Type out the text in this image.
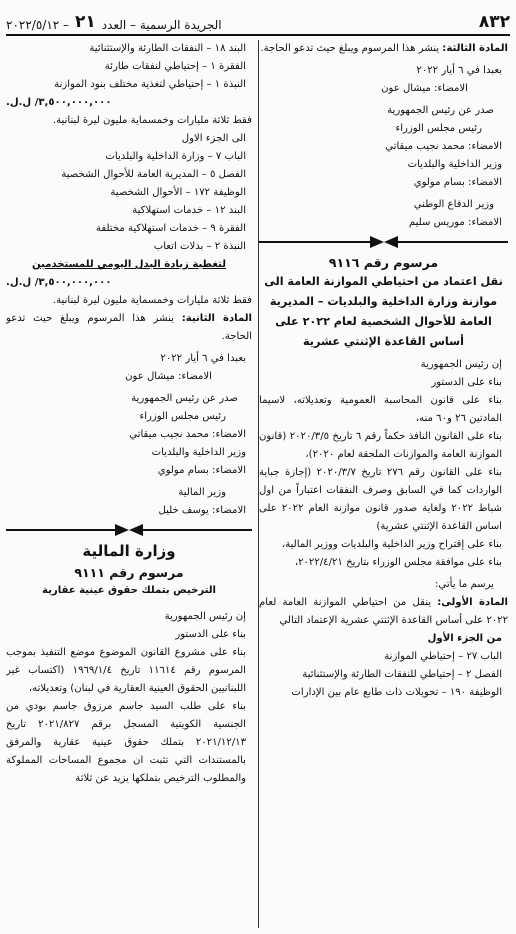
٨٣٢
الجريدة الرسمية – العدد
٢١
– ٢٠٢٢/٥/١٢

المادة الثالثة: ينشر هذا المرسوم ويبلغ حيث تدعو الحاجة.

بعبدا في ٦ أيار ٢٠٢٢

الامضاء: ميشال عون

صدر عن رئيس الجمهورية

رئيس مجلس الوزراء

الامضاء: محمد نجيب ميقاتي

وزير الداخلية والبلديات

الامضاء: بسام مولوي

وزير الدفاع الوطني

الامضاء: موريس سليم

مرسوم رقم ٩١١٦

نقل اعتماد من احتياطي الموازنة العامة الى موازنة وزارة الداخلية والبلديات – المديرية العامة للأحوال الشخصية لعام ٢٠٢٢ على أساس القاعدة الإثنتي عشرية

إن رئيس الجمهورية

بناء على الدستور

بناء على قانون المحاسبة العمومية وتعديلاته، لاسيما المادتين ٢٦ و٦٠ منه،

بناء على القانون النافذ حكماً رقم ٦ تاريخ ٢٠٢٠/٣/٥ (قانون الموازنة العامة والموازنات الملحقة لعام ٢٠٢٠)،

بناء على القانون رقم ٢٧٦ تاريخ ٢٠٢٠/٣/٧ (إجازة جباية الواردات كما في السابق وصرف النفقات اعتباراً من اول شباط ٢٠٢٢ ولغاية صدور قانون موازنة العام ٢٠٢٢ على اساس القاعدة الإثنتي عشرية)

بناء على إقتراح وزير الداخلية والبلديات ووزير المالية،

بناء على موافقة مجلس الوزراء بتاريخ ٢٠٢٢/٤/٢١،

يرسم ما يأتي:

المادة الأولى: ينقل من احتياطي الموازنة العامة لعام ٢٠٢٢ على أساس القاعدة الإثنتي عشرية الإعتماد التالي

من الجزء الأول

الباب ٢٧ – إحتياطي الموازنة

الفصل ٢ – إحتياطي للنفقات الطارئة والإستثنائية

الوظيفة ١٩٠ – تحويلات ذات طابع عام بين الإدارات

البند ١٨ – النفقات الطارئة والإستثنائية

الفقرة ١ – إحتياطي لنفقات طارئة

النبذة ١ – إحتياطي لتغذية مختلف بنود الموازنة

٣,٥٠٠,٠٠٠,٠٠٠/ ل.ل.

فقط ثلاثة مليارات وخمسماية مليون ليرة لبنانية.

الى الجزء الاول

الباب ٧ – وزارة الداخلية والبلديات

الفصل ٥ – المديرية العامة للأحوال الشخصية

الوظيفة ١٧٢ – الأحوال الشخصية

البند ١٢ – خدمات استهلاكية

الفقرة ٩ – خدمات استهلاكية مختلفة

النبذة ٢ – بدلات اتعاب

لتغطية زيادة البدل اليومي للمستخدمين

٣,٥٠٠,٠٠٠,٠٠٠/ ل.ل.

فقط ثلاثة مليارات وخمسماية مليون ليرة لبنانية.

المادة الثانية: ينشر هذا المرسوم ويبلغ حيث تدعو الحاجة.

بعبدا في ٦ أيار ٢٠٢٢

الامضاء: ميشال عون

صدر عن رئيس الجمهورية

رئيس مجلس الوزراء

الامضاء: محمد نجيب ميقاتي

وزير الداخلية والبلديات

الامضاء: بسام مولوي

وزير المالية

الامضاء: يوسف خليل

وزارة المالية

مرسوم رقم ٩١١١

الترخيص بتملك حقوق عينية عقارية

إن رئيس الجمهورية

بناء على الدستور

بناء على مشروع القانون الموضوع موضع التنفيذ بموجب المرسوم رقم ١١٦١٤ تاريخ ١٩٦٩/١/٤ (اكتساب غير اللبنانيين الحقوق العينية العقارية في لبنان) وتعديلاته،

بناء على طلب السيد جاسم مرزوق جاسم بودي من الجنسية الكويتية المسجل برقم ٢٠٢١/٨٢٧ تاريخ ٢٠٢١/١٢/١٣ بتملك حقوق عينية عقارية والمرفق بالمستندات التي تثبت ان مجموع المساحات المملوكة والمطلوب الترخيص بتملكها يزيد عن ثلاثة
